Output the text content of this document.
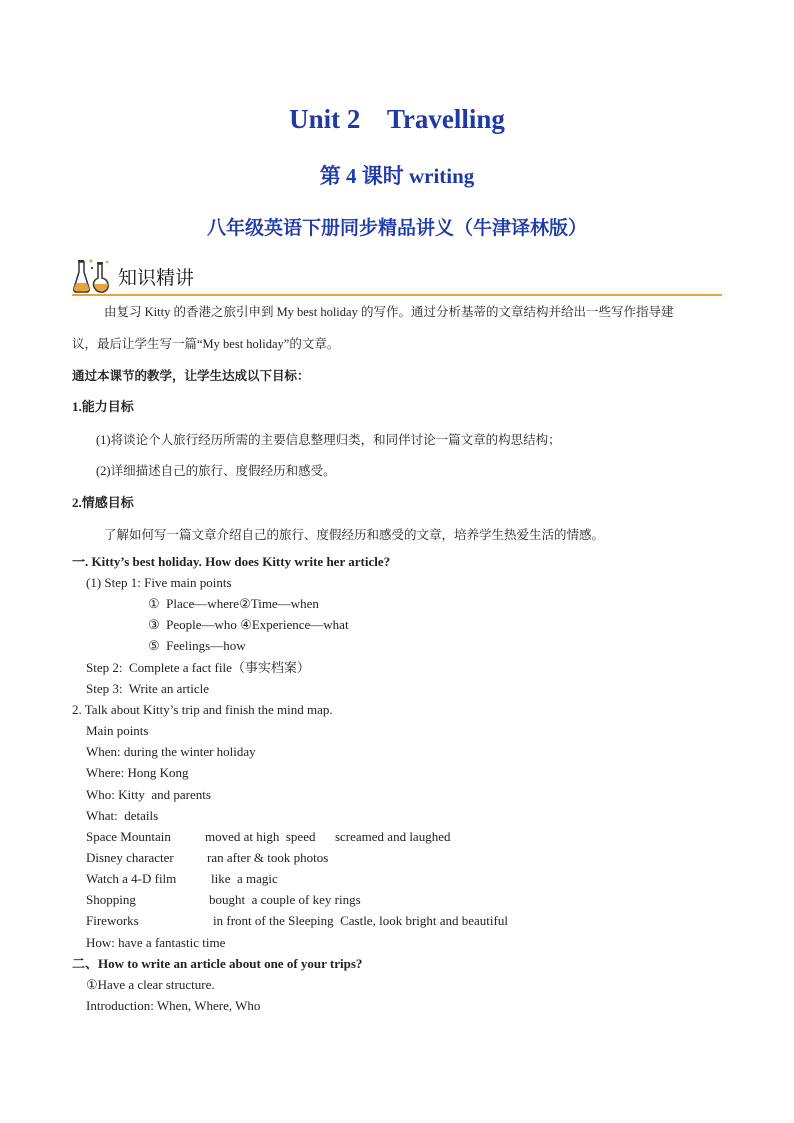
Unit 2    Travelling
第 4 课时 writing
八年级英语下册同步精品讲义（牛津译林版）
知识精讲
由复习 Kitty 的香港之旅引申到 My best holiday 的写作。通过分析基蒂的文章结构并给出一些写作指导建
议，最后让学生写一篇“My best holiday”的文章。
通过本课节的教学，让学生达成以下目标：
1.能力目标
(1)将谈论个人旅行经历所需的主要信息整理归类，和同伴讨论一篇文章的构思结构；
(2)详细描述自己的旅行、度假经历和感受。
2.情感目标
了解如何写一篇文章介绍自己的旅行、度假经历和感受的文章，培养学生热爱生活的情感。
一. Kitty’s best holiday. How does Kitty write her article?
(1) Step 1: Five main points
①  Place—where②Time—when
③  People—who ④Experience—what
⑤  Feelings—how
Step 2:  Complete a fact file（事实档案）
Step 3:  Write an article
2. Talk about Kitty’s trip and finish the mind map.
Main points
When: during the winter holiday
Where: Hong Kong
Who: Kitty  and parents
What:  details
Space Mountain	moved at high  speed      screamed and laughed
Disney character	ran after & took photos
Watch a 4-D film	like  a magic
Shopping	bought  a couple of key rings
Fireworks	in front of the Sleeping  Castle, look bright and beautiful
How: have a fantastic time
二、How to write an article about one of your trips?
①Have a clear structure.
Introduction: When, Where, Who
